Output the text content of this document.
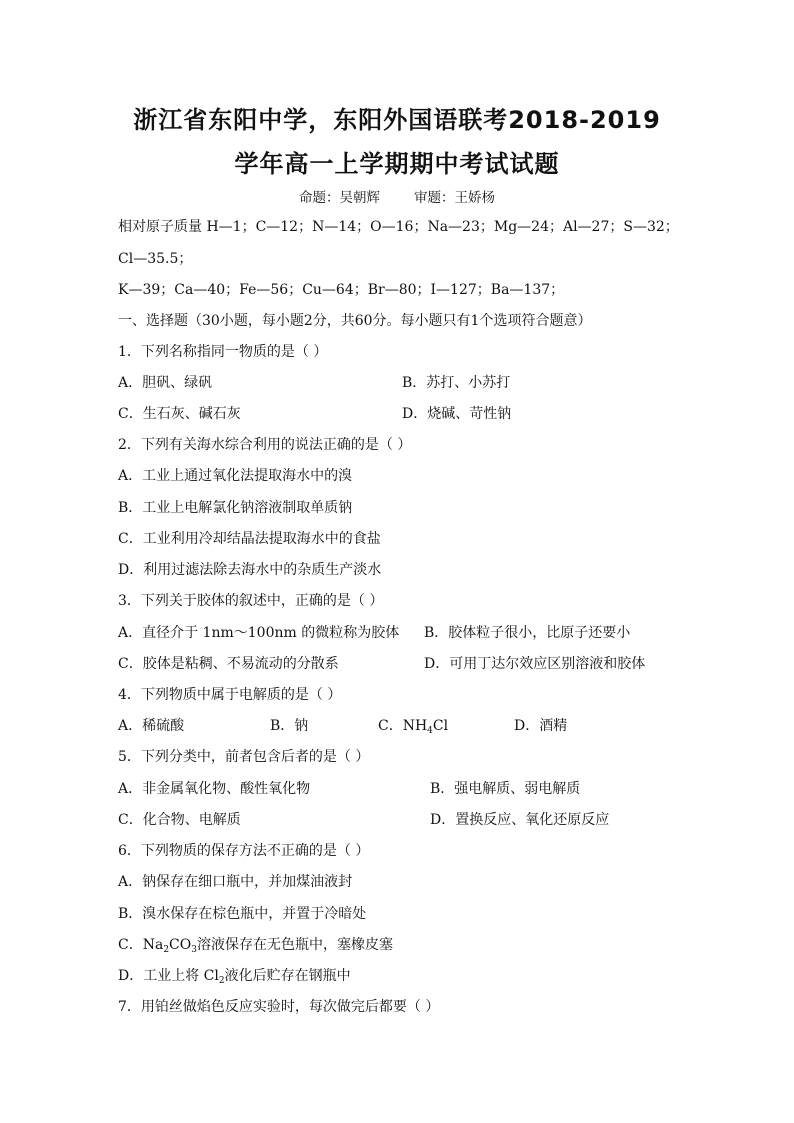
浙江省东阳中学，东阳外国语联考2018-2019
学年高一上学期期中考试试题
命题：吴朝辉	审题：王娇杨
相对原子质量 H—1；C—12；N—14；O—16；Na—23；Mg—24；Al—27；S—32；
Cl—35.5；
K—39；Ca—40；Fe—56；Cu—64；Br—80；I—127；Ba—137；
一、选择题（30小题，每小题2分，共60分。每小题只有1个选项符合题意）
1．下列名称指同一物质的是（ ）
A．胆矾、绿矾	B．苏打、小苏打
C．生石灰、碱石灰	D．烧碱、苛性钠
2．下列有关海水综合利用的说法正确的是（ ）
A．工业上通过氧化法提取海水中的溴
B．工业上电解氯化钠溶液制取单质钠
C．工业利用冷却结晶法提取海水中的食盐
D．利用过滤法除去海水中的杂质生产淡水
3．下列关于胶体的叙述中，正确的是（ ）
A．直径介于 1nm～100nm 的微粒称为胶体 B．胶体粒子很小，比原子还要小
C．胶体是粘稠、不易流动的分散系	D．可用丁达尔效应区别溶液和胶体
4．下列物质中属于电解质的是（ ）
A．稀硫酸	B．钠	C．$NH_4Cl$	D．酒精
5．下列分类中，前者包含后者的是（ ）
A．非金属氧化物、酸性氧化物	B．强电解质、弱电解质
C．化合物、电解质	D．置换反应、氧化还原反应
6．下列物质的保存方法不正确的是（ ）
A．钠保存在细口瓶中，并加煤油液封
B．溴水保存在棕色瓶中，并置于冷暗处
C．$Na_2CO_3$溶液保存在无色瓶中，塞橡皮塞
D．工业上将 $Cl_2$液化后贮存在钢瓶中
7．用铂丝做焰色反应实验时，每次做完后都要（ ）
